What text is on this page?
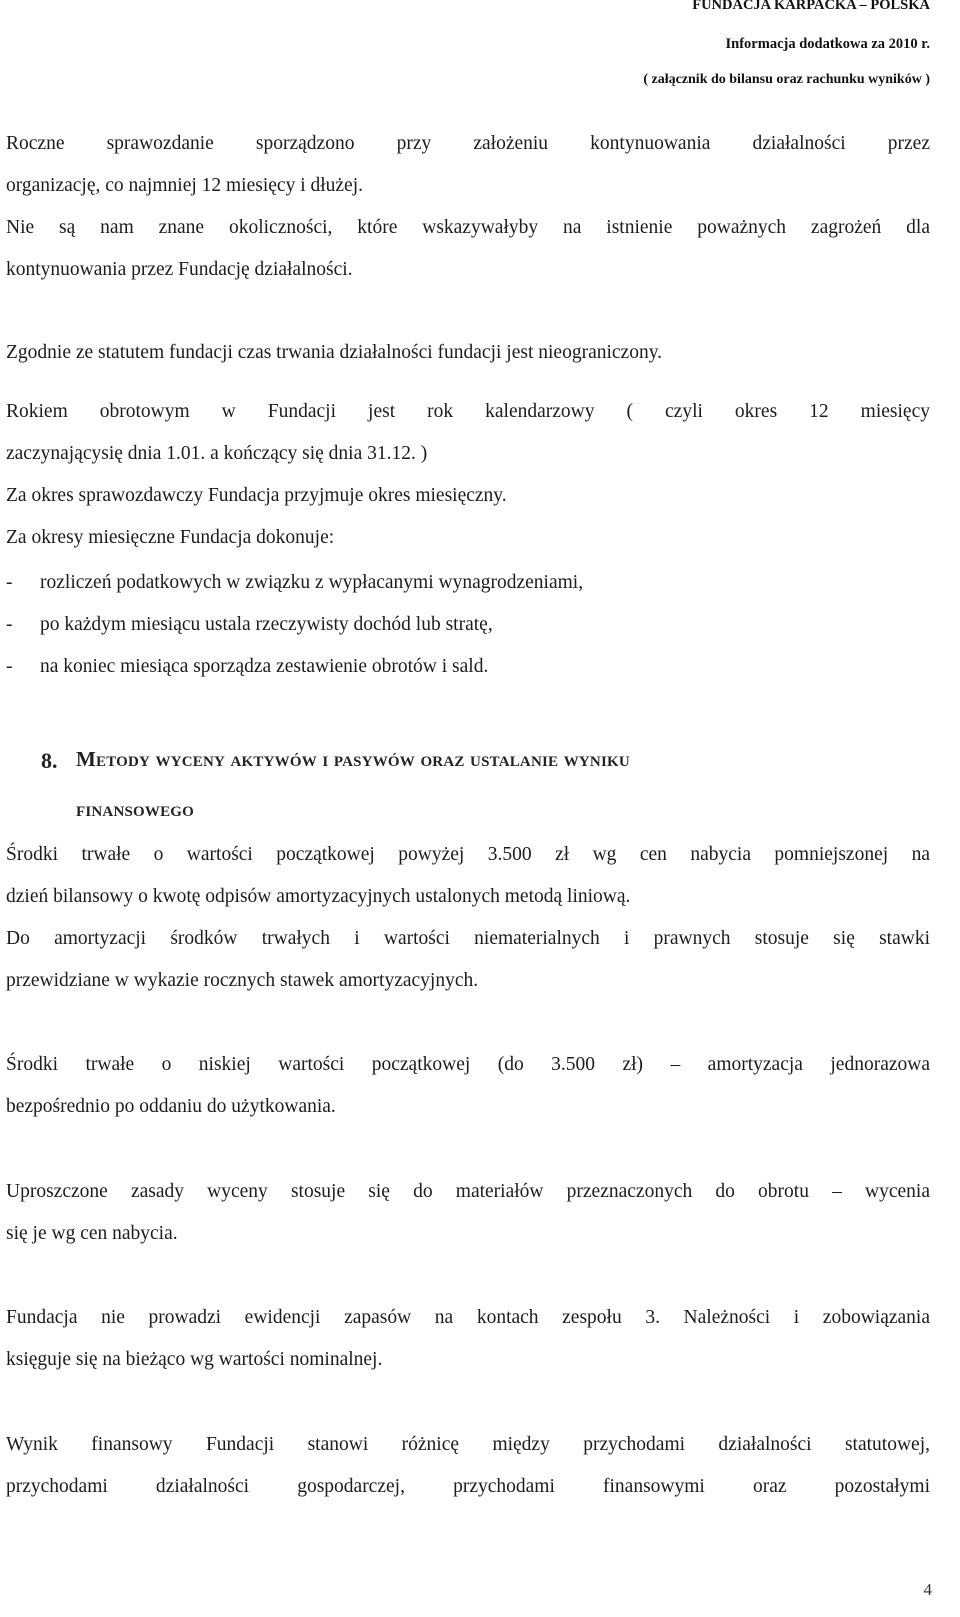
FUNDACJA KARPACKA – POLSKA
Informacja dodatkowa za 2010 r.
( załącznik do bilansu oraz rachunku wyników )
Roczne sprawozdanie sporządzono przy założeniu kontynuowania działalności przez
organizację, co najmniej 12 miesięcy i dłużej.
Nie są nam znane okoliczności, które wskazywałyby na istnienie poważnych zagrożeń dla
kontynuowania przez Fundację działalności.
Zgodnie ze statutem fundacji czas trwania działalności fundacji jest nieograniczony.
Rokiem obrotowym w Fundacji jest rok kalendarzowy ( czyli okres 12 miesięcy
zaczynającysię dnia 1.01. a kończący się dnia 31.12. )
Za okres sprawozdawczy Fundacja przyjmuje okres miesięczny.
Za okresy miesięczne Fundacja dokonuje:
- rozliczeń podatkowych w związku z wypłacanymi wynagrodzeniami,
- po każdym miesiącu ustala rzeczywisty dochód lub stratę,
- na koniec miesiąca sporządza zestawienie obrotów i sald.
8. Metody wyceny aktywów i pasywów oraz ustalanie wyniku
finansowego
Środki trwałe o wartości początkowej powyżej 3.500 zł wg cen nabycia pomniejszonej na
dzień bilansowy o kwotę odpisów amortyzacyjnych ustalonych metodą liniową.
Do amortyzacji środków trwałych i wartości niematerialnych i prawnych stosuje się stawki
przewidziane w wykazie rocznych stawek amortyzacyjnych.
Środki trwałe o niskiej wartości początkowej (do 3.500 zł) – amortyzacja jednorazowa
bezpośrednio po oddaniu do użytkowania.
Uproszczone zasady wyceny stosuje się do materiałów przeznaczonych do obrotu – wycenia
się je wg cen nabycia.
Fundacja nie prowadzi ewidencji zapasów na kontach zespołu 3. Należności i zobowiązania
księguje się na bieżąco wg wartości nominalnej.
Wynik finansowy Fundacji stanowi różnicę między przychodami działalności statutowej,
przychodami działalności gospodarczej, przychodami finansowymi oraz pozostałymi
4
